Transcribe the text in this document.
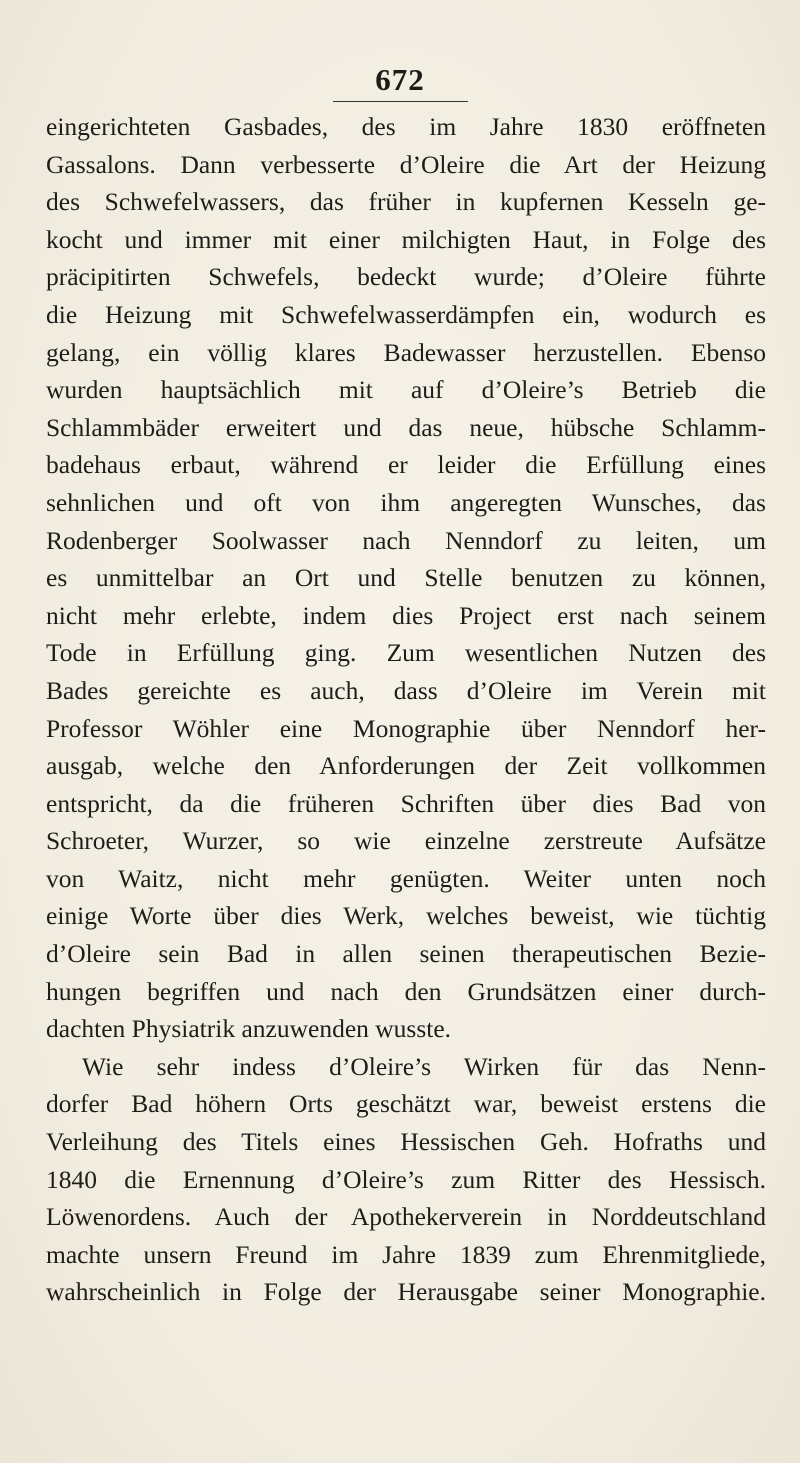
672
eingerichteten Gasbades, des im Jahre 1830 eröffneten
Gassalons. Dann verbesserte d’Oleire die Art der Heizung
des Schwefelwassers, das früher in kupfernen Kesseln ge-
kocht und immer mit einer milchigten Haut, in Folge des
präcipitirten Schwefels, bedeckt wurde; d’Oleire führte
die Heizung mit Schwefelwasserdämpfen ein, wodurch es
gelang, ein völlig klares Badewasser herzustellen. Ebenso
wurden hauptsächlich mit auf d’Oleire’s Betrieb die
Schlammbäder erweitert und das neue, hübsche Schlamm-
badehaus erbaut, während er leider die Erfüllung eines
sehnlichen und oft von ihm angeregten Wunsches, das
Rodenberger Soolwasser nach Nenndorf zu leiten, um
es unmittelbar an Ort und Stelle benutzen zu können,
nicht mehr erlebte, indem dies Project erst nach seinem
Tode in Erfüllung ging. Zum wesentlichen Nutzen des
Bades gereichte es auch, dass d’Oleire im Verein mit
Professor Wöhler eine Monographie über Nenndorf her-
ausgab, welche den Anforderungen der Zeit vollkommen
entspricht, da die früheren Schriften über dies Bad von
Schroeter, Wurzer, so wie einzelne zerstreute Aufsätze
von Waitz, nicht mehr genügten. Weiter unten noch
einige Worte über dies Werk, welches beweist, wie tüchtig
d’Oleire sein Bad in allen seinen therapeutischen Bezie-
hungen begriffen und nach den Grundsätzen einer durch-
dachten Physiatrik anzuwenden wusste.
Wie sehr indess d’Oleire’s Wirken für das Nenn-
dorfer Bad höhern Orts geschätzt war, beweist erstens die
Verleihung des Titels eines Hessischen Geh. Hofraths und
1840 die Ernennung d’Oleire’s zum Ritter des Hessisch.
Löwenordens. Auch der Apothekerverein in Norddeutschland
machte unsern Freund im Jahre 1839 zum Ehrenmitgliede,
wahrscheinlich in Folge der Herausgabe seiner Monographie.
